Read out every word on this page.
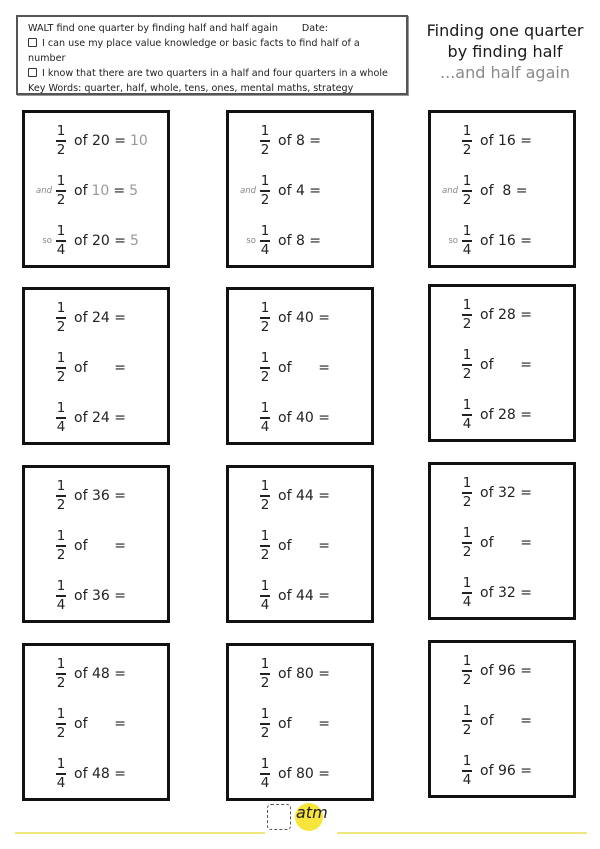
WALT find one quarter by finding half and half again Date:
I can use my place value knowledge or basic facts to find half of a number
I know that there are two quarters in a half and four quarters in a whole
Key Words: quarter, half, whole, tens, ones, mental maths, strategy
Finding one quarter
by finding half
...and half again
$\frac{1}{2}$ of 20 = 10
and $\frac{1}{2}$ of 10 = 5
so $\frac{1}{4}$ of 20 = 5
$\frac{1}{2}$ of 8 =
and $\frac{1}{2}$ of 4 =
so $\frac{1}{4}$ of 8 =
$\frac{1}{2}$ of 16 =
and $\frac{1}{2}$ of  8 =
so $\frac{1}{4}$ of 16 =
$\frac{1}{2}$ of 24 =
$\frac{1}{2}$ of      =
$\frac{1}{4}$ of 24 =
$\frac{1}{2}$ of 40 =
$\frac{1}{2}$ of      =
$\frac{1}{4}$ of 40 =
$\frac{1}{2}$ of 28 =
$\frac{1}{2}$ of      =
$\frac{1}{4}$ of 28 =
$\frac{1}{2}$ of 36 =
$\frac{1}{2}$ of      =
$\frac{1}{4}$ of 36 =
$\frac{1}{2}$ of 44 =
$\frac{1}{2}$ of      =
$\frac{1}{4}$ of 44 =
$\frac{1}{2}$ of 32 =
$\frac{1}{2}$ of      =
$\frac{1}{4}$ of 32 =
$\frac{1}{2}$ of 48 =
$\frac{1}{2}$ of      =
$\frac{1}{4}$ of 48 =
$\frac{1}{2}$ of 80 =
$\frac{1}{2}$ of      =
$\frac{1}{4}$ of 80 =
$\frac{1}{2}$ of 96 =
$\frac{1}{2}$ of      =
$\frac{1}{4}$ of 96 =
atm
